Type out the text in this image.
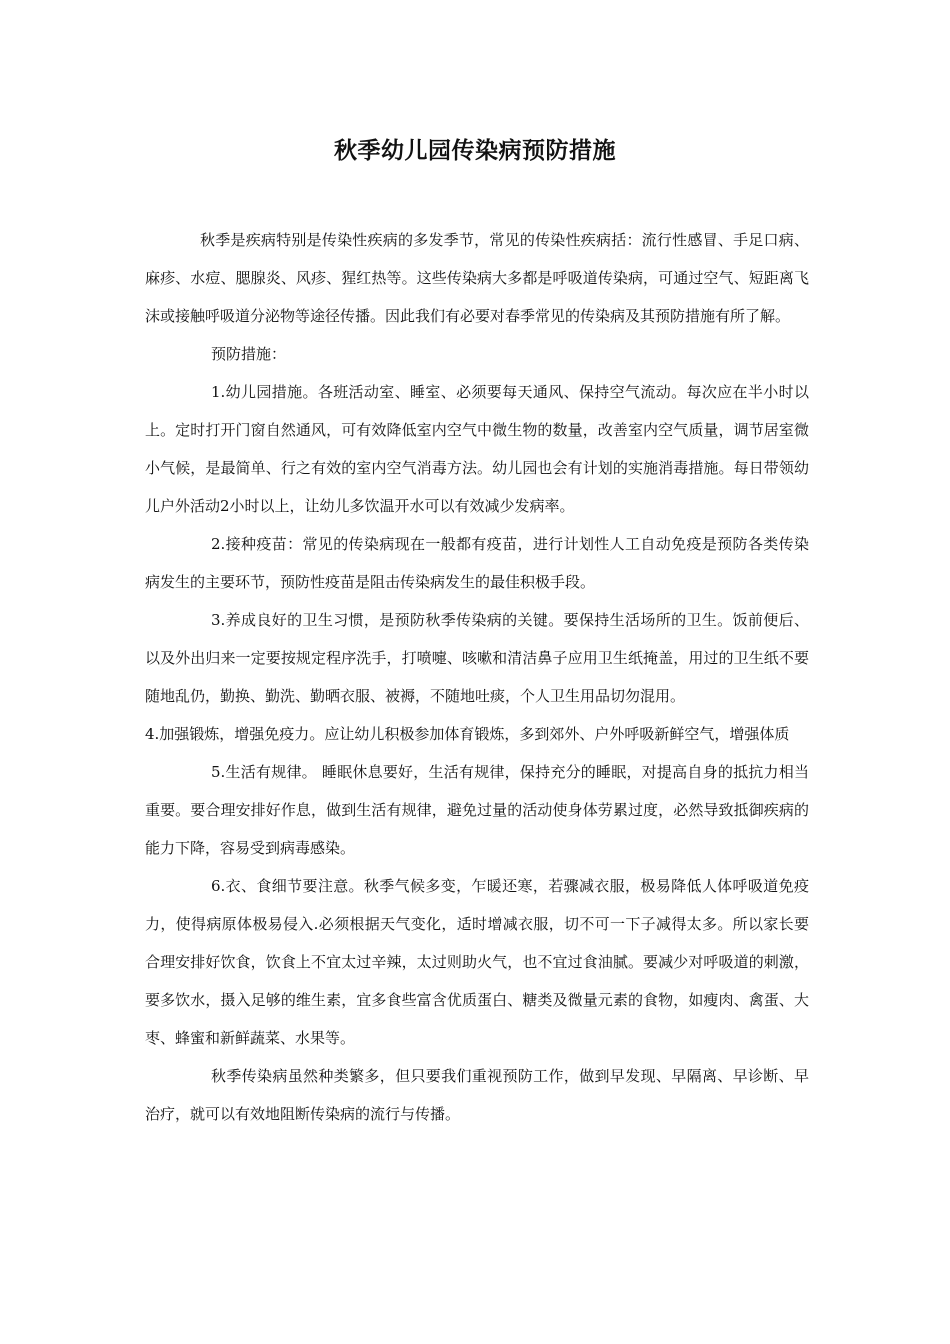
秋季幼儿园传染病预防措施

秋季是疾病特别是传染性疾病的多发季节，常见的传染性疾病括：流行性感冒、手足口病、麻疹、水痘、腮腺炎、风疹、猩红热等。这些传染病大多都是呼吸道传染病，可通过空气、短距离飞沫或接触呼吸道分泌物等途径传播。因此我们有必要对春季常见的传染病及其预防措施有所了解。

预防措施：

1.幼儿园措施。各班活动室、睡室、必须要每天通风、保持空气流动。每次应在半小时以上。定时打开门窗自然通风，可有效降低室内空气中微生物的数量，改善室内空气质量，调节居室微小气候，是最简单、行之有效的室内空气消毒方法。幼儿园也会有计划的实施消毒措施。每日带领幼儿户外活动2小时以上，让幼儿多饮温开水可以有效减少发病率。

2.接种疫苗：常见的传染病现在一般都有疫苗，进行计划性人工自动免疫是预防各类传染病发生的主要环节，预防性疫苗是阻击传染病发生的最佳积极手段。

3.养成良好的卫生习惯，是预防秋季传染病的关键。要保持生活场所的卫生。饭前便后、以及外出归来一定要按规定程序洗手，打喷嚏、咳嗽和清洁鼻子应用卫生纸掩盖，用过的卫生纸不要随地乱仍，勤换、勤洗、勤晒衣服、被褥，不随地吐痰，个人卫生用品切勿混用。

4.加强锻炼，增强免疫力。应让幼儿积极参加体育锻炼，多到郊外、户外呼吸新鲜空气，增强体质

5.生活有规律。 睡眠休息要好，生活有规律，保持充分的睡眠，对提高自身的抵抗力相当重要。要合理安排好作息，做到生活有规律，避免过量的活动使身体劳累过度，必然导致抵御疾病的能力下降，容易受到病毒感染。

6.衣、食细节要注意。秋季气候多变，乍暖还寒，若骤减衣服，极易降低人体呼吸道免疫力，使得病原体极易侵入.必须根据天气变化，适时增减衣服，切不可一下子减得太多。所以家长要合理安排好饮食，饮食上不宜太过辛辣，太过则助火气，也不宜过食油腻。要减少对呼吸道的刺激，要多饮水，摄入足够的维生素，宜多食些富含优质蛋白、糖类及微量元素的食物，如瘦肉、禽蛋、大枣、蜂蜜和新鲜蔬菜、水果等。

秋季传染病虽然种类繁多，但只要我们重视预防工作，做到早发现、早隔离、早诊断、早治疗，就可以有效地阻断传染病的流行与传播。
